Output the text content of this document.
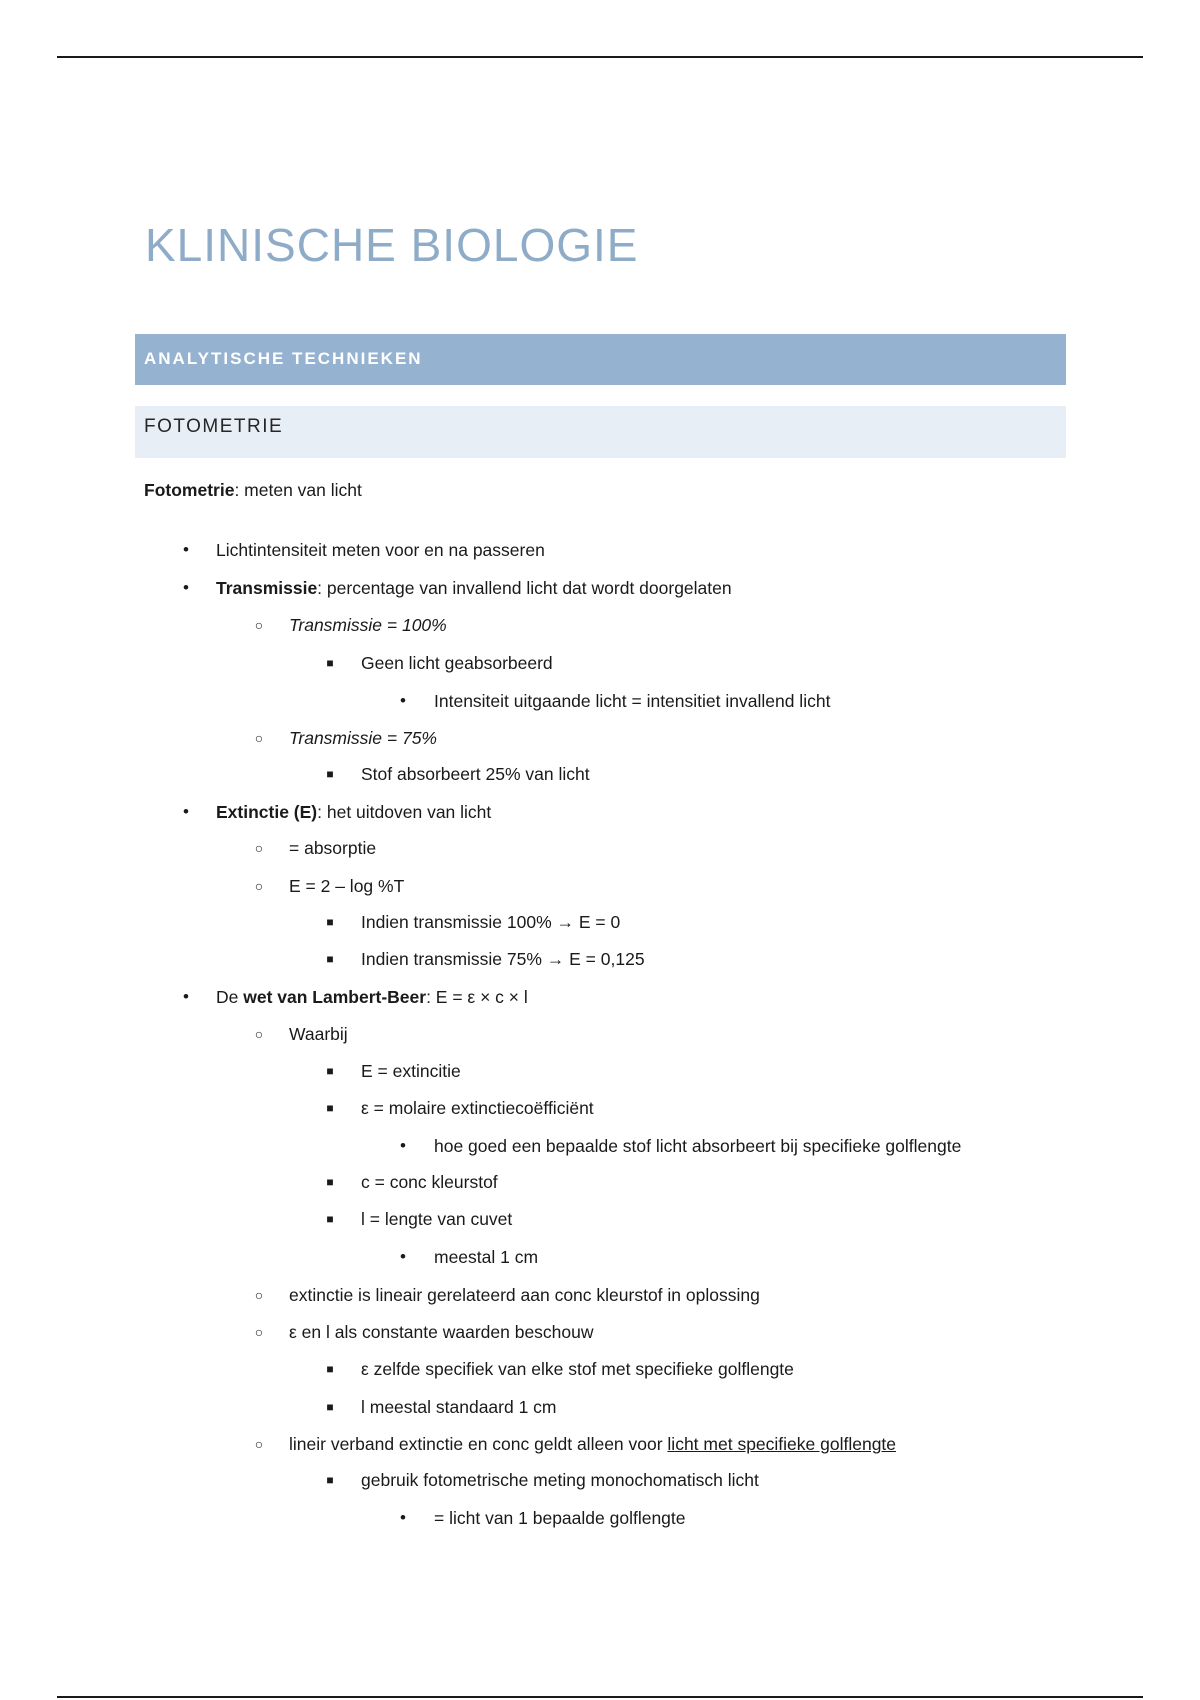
KLINISCHE BIOLOGIE
ANALYTISCHE TECHNIEKEN
FOTOMETRIE
Fotometrie: meten van licht
• Lichtintensiteit meten voor en na passeren
• Transmissie: percentage van invallend licht dat wordt doorgelaten
○ Transmissie = 100%
■ Geen licht geabsorbeerd
• Intensiteit uitgaande licht = intensitiet invallend licht
○ Transmissie = 75%
■ Stof absorbeert 25% van licht
• Extinctie (E): het uitdoven van licht
○ = absorptie
○ E = 2 – log %T
■ Indien transmissie 100% → E = 0
■ Indien transmissie 75% → E = 0,125
• De wet van Lambert-Beer: E = ε × c × l
○ Waarbij
■ E = extincitie
■ ε = molaire extinctiecoëfficiënt
• hoe goed een bepaalde stof licht absorbeert bij specifieke golflengte
■ c = conc kleurstof
■ l = lengte van cuvet
• meestal 1 cm
○ extinctie is lineair gerelateerd aan conc kleurstof in oplossing
○ ε en l als constante waarden beschouw
■ ε zelfde specifiek van elke stof met specifieke golflengte
■ l meestal standaard 1 cm
○ lineir verband extinctie en conc geldt alleen voor licht met specifieke golflengte
■ gebruik fotometrische meting monochomatisch licht
• = licht van 1 bepaalde golflengte
